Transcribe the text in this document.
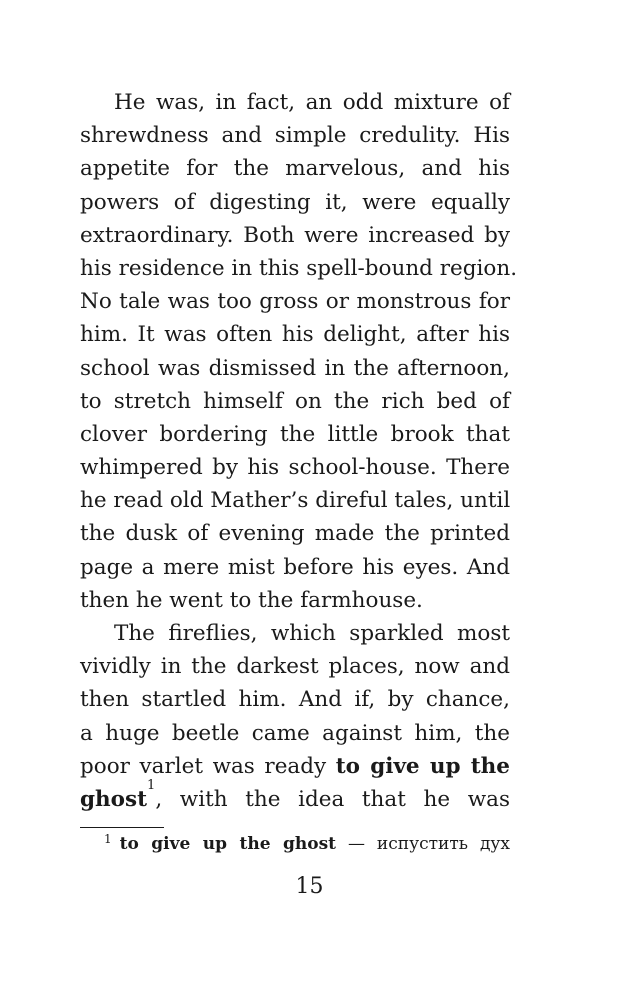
He was, in fact, an odd mixture of
shrewdness and simple credulity. His
appetite for the marvelous, and his
powers of digesting it, were equally
extraordinary. Both were increased by
his residence in this spell-bound region.
No tale was too gross or monstrous for
him. It was often his delight, after his
school was dismissed in the afternoon,
to stretch himself on the rich bed of
clover bordering the little brook that
whimpered by his school-house. There
he read old Mather’s direful tales, until
the dusk of evening made the printed
page a mere mist before his eyes. And
then he went to the farmhouse.
The fireflies, which sparkled most
vividly in the darkest places, now and
then startled him. And if, by chance,
a huge beetle came against him, the
poor varlet was ready to give up the
ghost$^1$, with the idea that he was
$^1$ to give up the ghost — испустить дух
15
